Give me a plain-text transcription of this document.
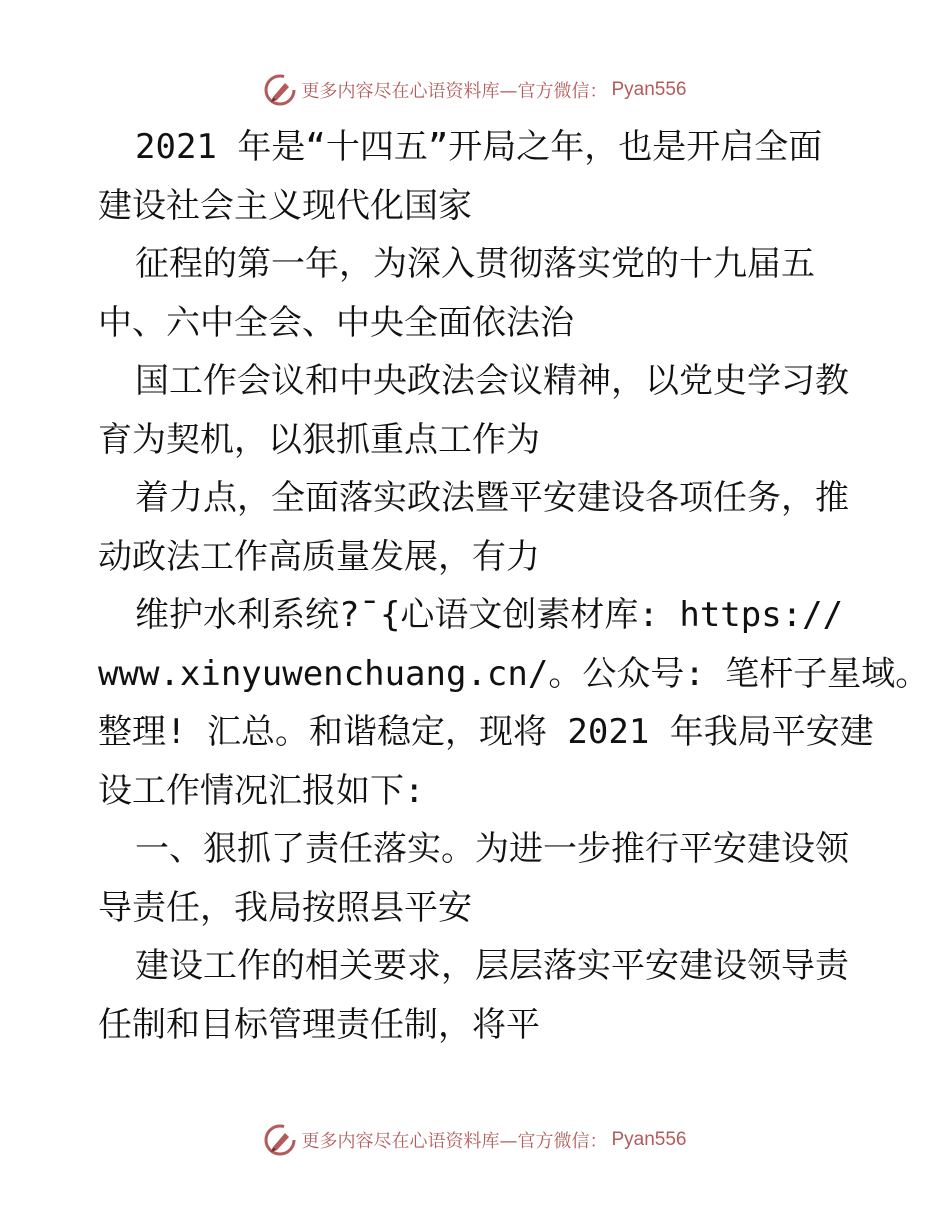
更多内容尽在心语资料库—官方微信： Pyan556
2021 年是“十四五”开局之年，也是开启全面
建设社会主义现代化国家
征程的第一年，为深入贯彻落实党的十九届五
中、六中全会、中央全面依法治
国工作会议和中央政法会议精神，以党史学习教
育为契机，以狠抓重点工作为
着力点，全面落实政法暨平安建设各项任务，推
动政法工作高质量发展，有力
维护水利系统?¯{心语文创素材库: https://
www.xinyuwenchuang.cn/。公众号: 笔杆子星域。
整理! 汇总。和谐稳定，现将 2021 年我局平安建
设工作情况汇报如下:
一、狠抓了责任落实。为进一步推行平安建设领
导责任，我局按照县平安
建设工作的相关要求，层层落实平安建设领导责
任制和目标管理责任制，将平
更多内容尽在心语资料库—官方微信： Pyan556
